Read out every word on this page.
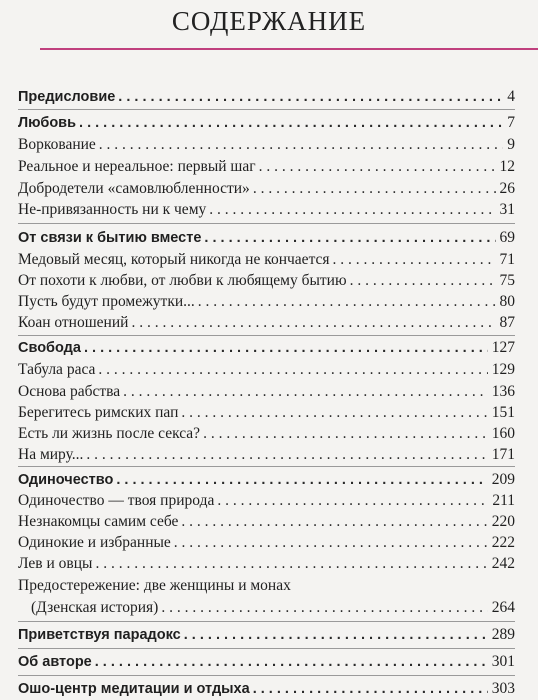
СОДЕРЖАНИЕ
Предисловие . . .	4
Любовь . . .	7
Воркование . . .	9
Реальное и нереальное: первый шаг . . .	12
Добродетели «самовлюбленности» . . .	26
Не-привязанность ни к чему . . .	31
От связи к бытию вместе . . .	69
Медовый месяц, который никогда не кончается . . .	71
От похоти к любви, от любви к любящему бытию . . .	75
Пусть будут промежутки... . . .	80
Коан отношений . . .	87
Свобода . . .	127
Табула раса . . .	129
Основа рабства . . .	136
Берегитесь римских пап . . .	151
Есть ли жизнь после секса? . . .	160
На миру... . . .	171
Одиночество . . .	209
Одиночество — твоя природа . . .	211
Незнакомцы самим себе . . .	220
Одинокие и избранные . . .	222
Лев и овцы . . .	242
Предостережение: две женщины и монах
(Дзенская история) . . .	264
Приветствуя парадокс . . .	289
Об авторе . . .	301
Ошо-центр медитации и отдыха . . .	303
